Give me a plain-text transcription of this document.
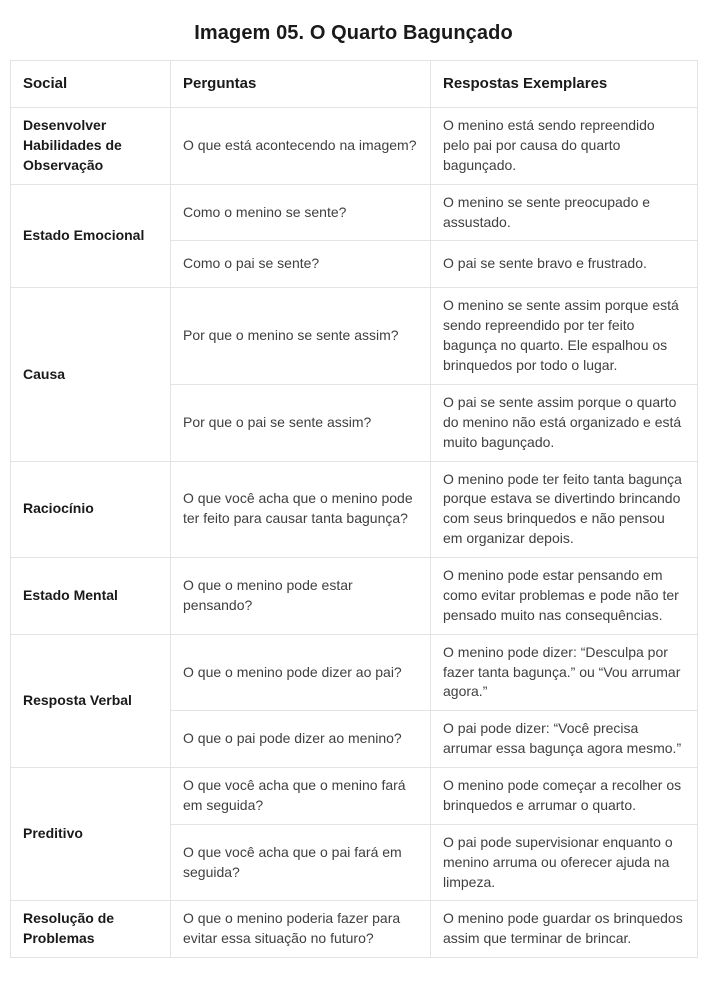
Imagem 05. O Quarto Bagunçado
Social	Perguntas	Respostas Exemplares
Desenvolver Habilidades de Observação	O que está acontecendo na imagem?	O menino está sendo repreendido pelo pai por causa do quarto bagunçado.
Estado Emocional	Como o menino se sente?	O menino se sente preocupado e assustado.
	Como o pai se sente?	O pai se sente bravo e frustrado.
Causa	Por que o menino se sente assim?	O menino se sente assim porque está sendo repreendido por ter feito bagunça no quarto. Ele espalhou os brinquedos por todo o lugar.
	Por que o pai se sente assim?	O pai se sente assim porque o quarto do menino não está organizado e está muito bagunçado.
Raciocínio	O que você acha que o menino pode ter feito para causar tanta bagunça?	O menino pode ter feito tanta bagunça porque estava se divertindo brincando com seus brinquedos e não pensou em organizar depois.
Estado Mental	O que o menino pode estar pensando?	O menino pode estar pensando em como evitar problemas e pode não ter pensado muito nas consequências.
Resposta Verbal	O que o menino pode dizer ao pai?	O menino pode dizer: “Desculpa por fazer tanta bagunça.” ou “Vou arrumar agora.”
	O que o pai pode dizer ao menino?	O pai pode dizer: “Você precisa arrumar essa bagunça agora mesmo.”
Preditivo	O que você acha que o menino fará em seguida?	O menino pode começar a recolher os brinquedos e arrumar o quarto.
	O que você acha que o pai fará em seguida?	O pai pode supervisionar enquanto o menino arruma ou oferecer ajuda na limpeza.
Resolução de Problemas	O que o menino poderia fazer para evitar essa situação no futuro?	O menino pode guardar os brinquedos assim que terminar de brincar.
